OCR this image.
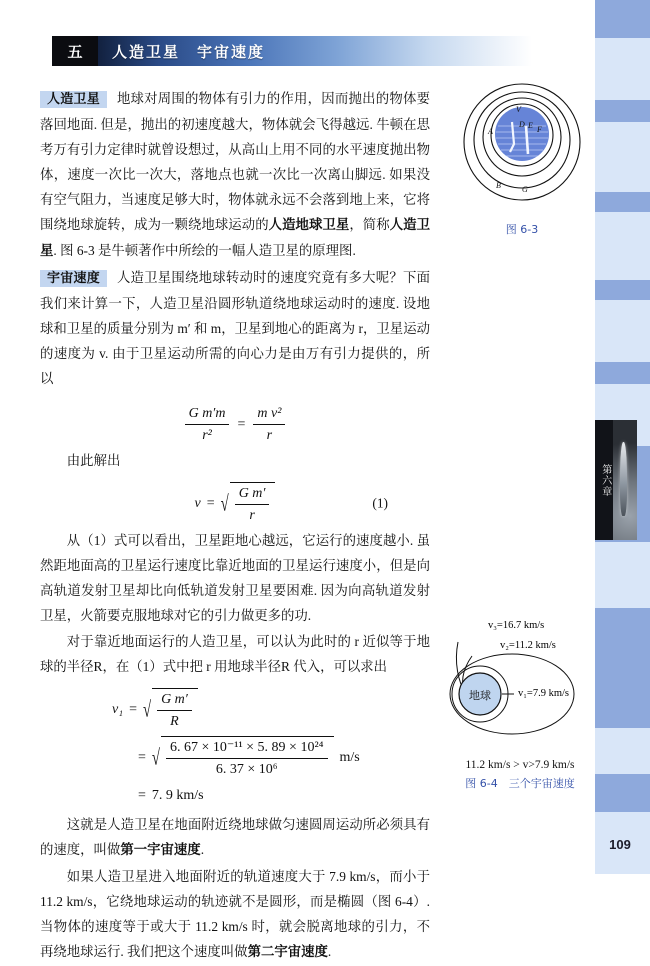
第六章
109
五	人造卫星　宇宙速度

人造卫星 地球对周围的物体有引力的作用，因而抛出的物体要落回地面. 但是，抛出的初速度越大，物体就会飞得越远. 牛顿在思考万有引力定律时就曾设想过，从高山上用不同的水平速度抛出物体，速度一次比一次大，落地点也就一次比一次离山脚远. 如果没有空气阻力，当速度足够大时，物体就永远不会落到地上来，它将围绕地球旋转，成为一颗绕地球运动的人造地球卫星，简称人造卫星. 图 6-3 是牛顿著作中所绘的一幅人造卫星的原理图.

宇宙速度 人造卫星围绕地球转动时的速度究竟有多大呢？下面我们来计算一下，人造卫星沿圆形轨道绕地球运动时的速度. 设地球和卫星的质量分别为 m′ 和 m，卫星到地心的距离为 r，卫星运动的速度为 v. 由于卫星运动所需的向心力是由万有引力提供的，所以

$\frac{\text{G m′m}}{\text{r²}} = \frac{\text{m v²}}{r}$

由此解出

v = √ $\frac{\text{G m′}}{r}$	(1)

从（1）式可以看出，卫星距地心越远，它运行的速度越小. 虽然距地面高的卫星运行速度比靠近地面的卫星运行速度小，但是向高轨道发射卫星却比向低轨道发射卫星要困难. 因为向高轨道发射卫星，火箭要克服地球对它的引力做更多的功.

对于靠近地面运行的人造卫星，可以认为此时的 r 近似等于地球的半径R，在（1）式中把 r 用地球半径R 代入，可以求出

v₁ = √ $\frac{\text{G m′}}{R}$
= √ $\frac{\text{6. 67 × 10⁻¹¹ × 5. 89 × 10²⁴}}{\text{6. 37 × 10⁶}} m/s$
= 7. 9 km/s

这就是人造卫星在地面附近绕地球做匀速圆周运动所必须具有的速度，叫做第一宇宙速度.

如果人造卫星进入地面附近的轨道速度大于 7.9 km/s，而小于 11.2 km/s，它绕地球运动的轨迹就不是圆形，而是椭圆（图 6-4）. 当物体的速度等于或大于 11.2 km/s 时，就会脱离地球的引力，不再绕地球运行. 我们把这个速度叫做第二宇宙速度.

V
A
B
D E F
G
图 6-3
地球
v₃=16.7 km/s
v₂=11.2 km/s
v₁=7.9 km/s
11.2 km/s > v>7.9 km/s
图 6-4　三个宇宙速度
